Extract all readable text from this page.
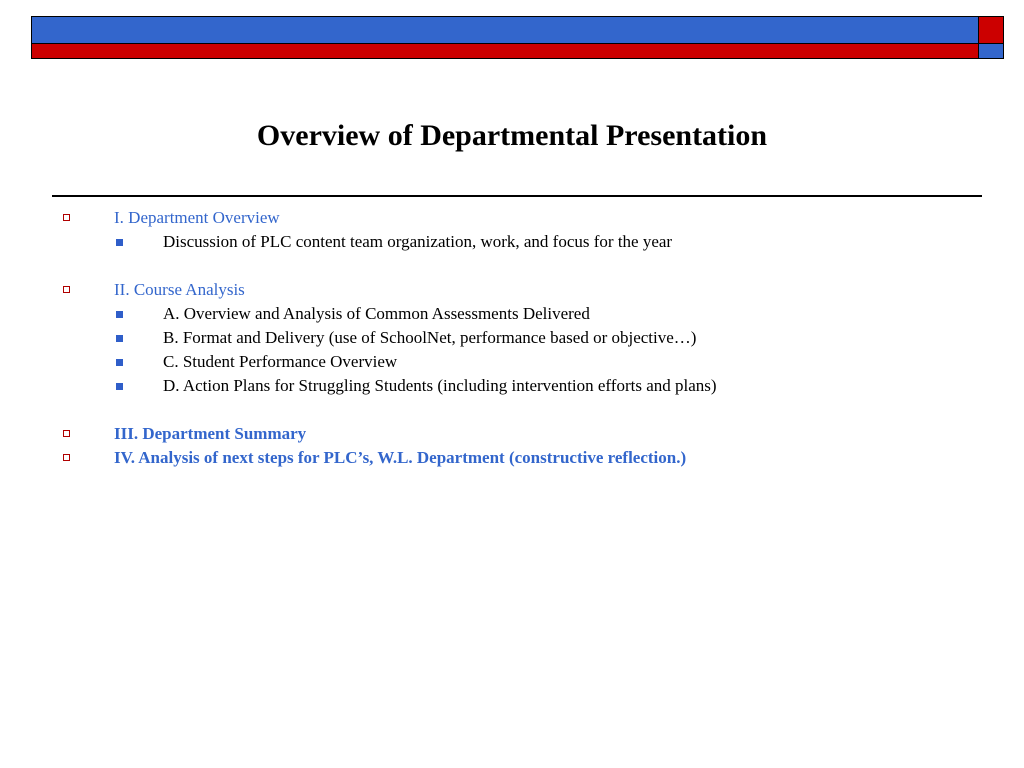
Overview of Departmental Presentation
I. Department Overview
Discussion of PLC content team organization, work, and focus for the year
II. Course Analysis
A. Overview and Analysis of Common Assessments Delivered
B. Format and Delivery (use of SchoolNet, performance based or objective…)
C. Student Performance Overview
D. Action Plans for Struggling Students (including intervention efforts and plans)
III. Department Summary
IV. Analysis of next steps for PLC’s, W.L. Department (constructive reflection.)
